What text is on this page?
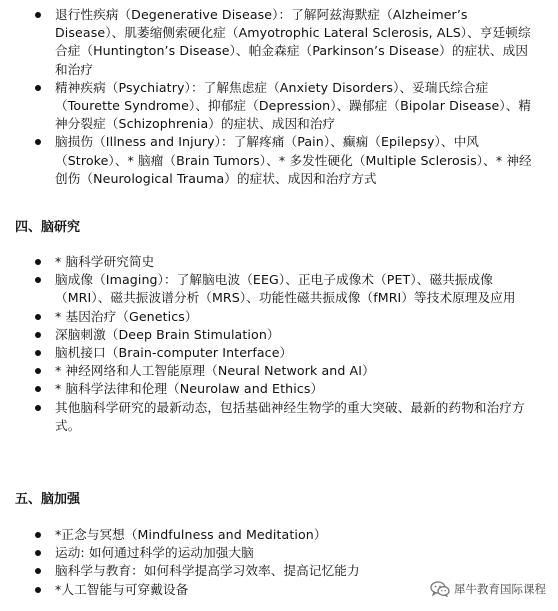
退行性疾病（Degenerative Disease）：了解阿兹海默症（Alzheimer’s Disease）、肌萎缩侧索硬化症（Amyotrophic Lateral Sclerosis, ALS）、亨廷顿综合症（Huntington’s Disease）、帕金森症（Parkinson’s Disease）的症状、成因和治疗
精神疾病（Psychiatry）：了解焦虑症（Anxiety Disorders）、妥瑞氏综合症（Tourette Syndrome）、抑郁症（Depression）、躁郁症（Bipolar Disease）、精神分裂症（Schizophrenia）的症状、成因和治疗
脑损伤（Illness and Injury）：了解疼痛（Pain）、癫痫（Epilepsy）、中风（Stroke）、* 脑瘤（Brain Tumors）、* 多发性硬化（Multiple Sclerosis）、* 神经创伤（Neurological Trauma）的症状、成因和治疗方式
四、脑研究
* 脑科学研究简史
脑成像（Imaging）：了解脑电波（EEG）、正电子成像术（PET）、磁共振成像（MRI）、磁共振波谱分析（MRS）、功能性磁共振成像（fMRI）等技术原理及应用
* 基因治疗（Genetics）
深脑刺激（Deep Brain Stimulation）
脑机接口（Brain-computer Interface）
* 神经网络和人工智能原理（Neural Network and AI）
* 脑科学法律和伦理（Neurolaw and Ethics）
其他脑科学研究的最新动态，包括基础神经生物学的重大突破、最新的药物和治疗方式。
五、脑加强
*正念与冥想（Mindfulness and Meditation）
运动: 如何通过科学的运动加强大脑
脑科学与教育：如何科学提高学习效率、提高记忆能力
*人工智能与可穿戴设备	犀牛教育国际课程
